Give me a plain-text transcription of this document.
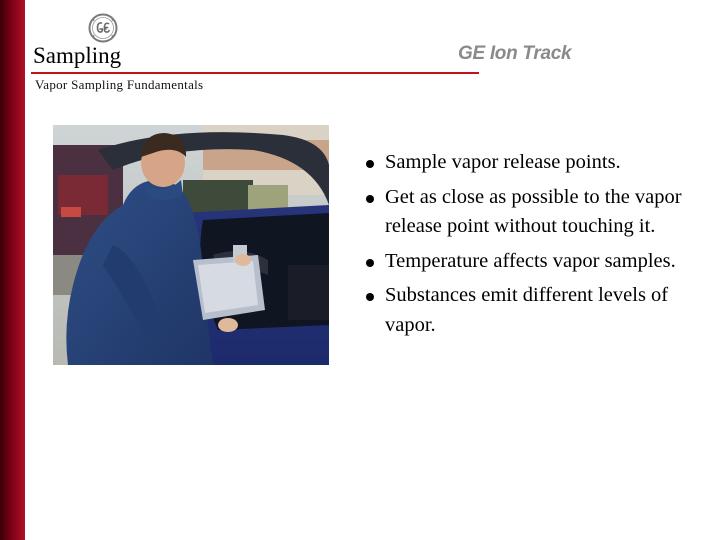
Sampling	GE Ion Track
Vapor Sampling Fundamentals
Sample vapor release points.
Get as close as possible to the vapor release point without touching it.
Temperature affects vapor samples.
Substances emit different levels of vapor.
